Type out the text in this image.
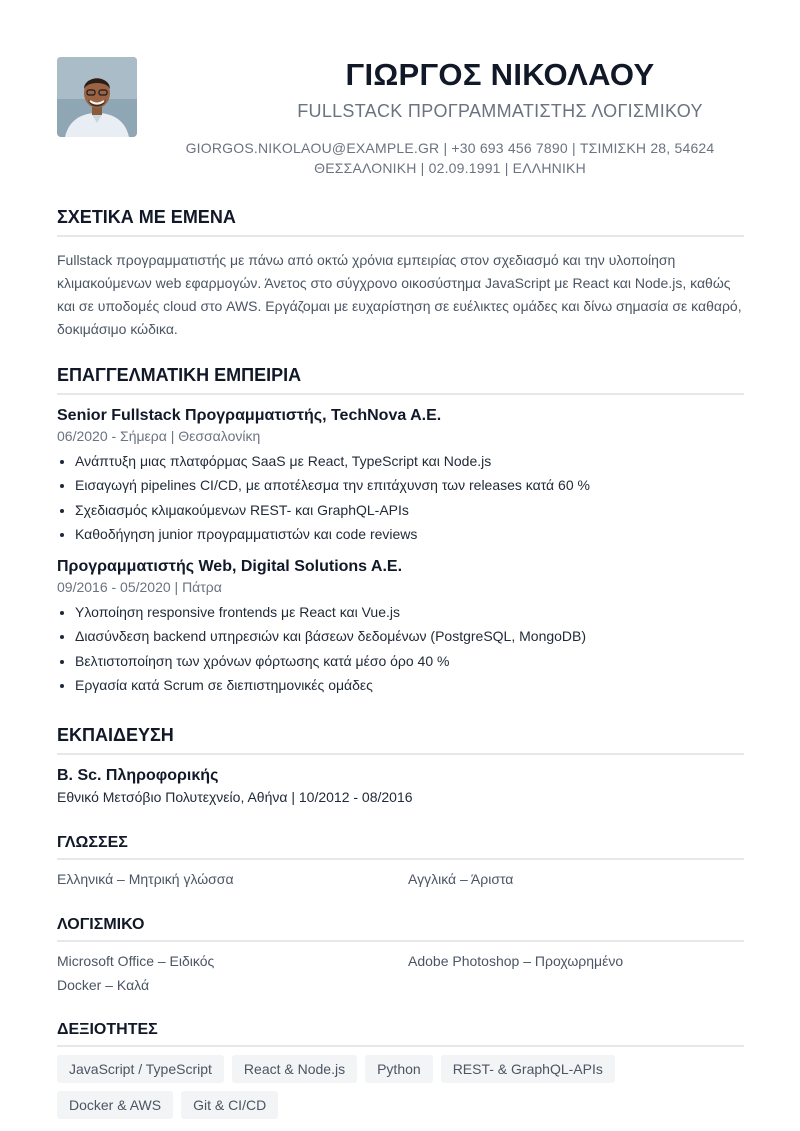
ΓΙΩΡΓΟΣ ΝΙΚΟΛΑΟΥ
FULLSTACK ΠΡΟΓΡΑΜΜΑΤΙΣΤΗΣ ΛΟΓΙΣΜΙΚΟΥ
GIORGOS.NIKOLAOU@EXAMPLE.GR | +30 693 456 7890 | ΤΣΙΜΙΣΚΗ 28, 54624
ΘΕΣΣΑΛΟΝΙΚΗ | 02.09.1991 | ΕΛΛΗΝΙΚΗ
ΣΧΕΤΙΚΑ ΜΕ ΕΜΕΝΑ
Fullstack προγραμματιστής με πάνω από οκτώ χρόνια εμπειρίας στον σχεδιασμό και την υλοποίηση κλιμακούμενων web εφαρμογών. Άνετος στο σύγχρονο οικοσύστημα JavaScript με React και Node.js, καθώς και σε υποδομές cloud στο AWS. Εργάζομαι με ευχαρίστηση σε ευέλικτες ομάδες και δίνω σημασία σε καθαρό, δοκιμάσιμο κώδικα.
ΕΠΑΓΓΕΛΜΑΤΙΚΗ ΕΜΠΕΙΡΙΑ
Senior Fullstack Προγραμματιστής, TechNova A.E.
06/2020 - Σήμερα | Θεσσαλονίκη
• Ανάπτυξη μιας πλατφόρμας SaaS με React, TypeScript και Node.js
• Εισαγωγή pipelines CI/CD, με αποτέλεσμα την επιτάχυνση των releases κατά 60 %
• Σχεδιασμός κλιμακούμενων REST- και GraphQL-APIs
• Καθοδήγηση junior προγραμματιστών και code reviews
Προγραμματιστής Web, Digital Solutions A.E.
09/2016 - 05/2020 | Πάτρα
• Υλοποίηση responsive frontends με React και Vue.js
• Διασύνδεση backend υπηρεσιών και βάσεων δεδομένων (PostgreSQL, MongoDB)
• Βελτιστοποίηση των χρόνων φόρτωσης κατά μέσο όρο 40 %
• Εργασία κατά Scrum σε διεπιστημονικές ομάδες
ΕΚΠΑΙΔΕΥΣΗ
B. Sc. Πληροφορικής
Εθνικό Μετσόβιο Πολυτεχνείο, Αθήνα | 10/2012 - 08/2016
ΓΛΩΣΣΕΣ
Ελληνικά – Μητρική γλώσσα	Αγγλικά – Άριστα
ΛΟΓΙΣΜΙΚΟ
Microsoft Office – Ειδικός	Adobe Photoshop – Προχωρημένο
Docker – Καλά
ΔΕΞΙΟΤΗΤΕΣ
JavaScript / TypeScript	React & Node.js	Python	REST- & GraphQL-APIs
Docker & AWS	Git & CI/CD
